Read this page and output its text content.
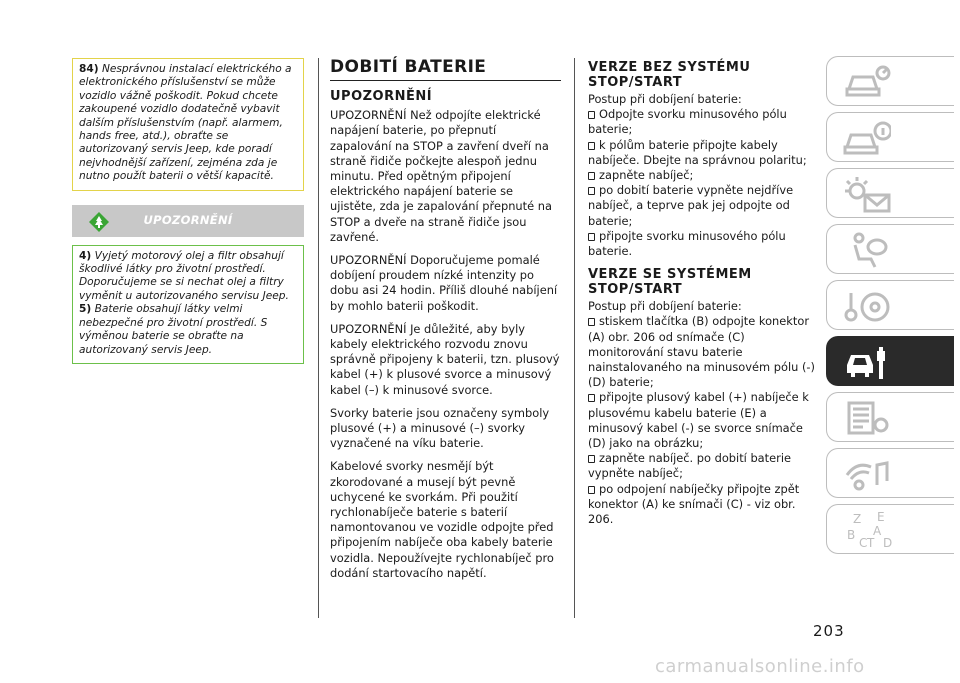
84) Nesprávnou instalací elektrického a elektronického příslušenství se může vozidlo vážně poškodit. Pokud chcete zakoupené vozidlo dodatečně vybavit dalším příslušenstvím (např. alarmem, hands free, atd.), obraťte se autorizovaný servis Jeep, kde poradí nejvhodnější zařízení, zejména zda je nutno použít baterii o větší kapacitě.
UPOZORNĚNÍ
4) Vyjetý motorový olej a filtr obsahují škodlivé látky pro životní prostředí. Doporučujeme se si nechat olej a filtry vyměnit u autorizovaného servisu Jeep.
5) Baterie obsahují látky velmi nebezpečné pro životní prostředí. S výměnou baterie se obraťte na autorizovaný servis Jeep.
DOBITÍ BATERIE
UPOZORNĚNÍ

UPOZORNĚNÍ Než odpojíte elektrické napájení baterie, po přepnutí zapalování na STOP a zavření dveří na straně řidiče počkejte alespoň jednu minutu. Před opětným připojení elektrického napájení baterie se ujistěte, zda je zapalování přepnuté na STOP a dveře na straně řidiče jsou zavřené.

UPOZORNĚNÍ Doporučujeme pomalé dobíjení proudem nízké intenzity po dobu asi 24 hodin. Příliš dlouhé nabíjení by mohlo baterii poškodit.

UPOZORNĚNÍ Je důležité, aby byly kabely elektrického rozvodu znovu správně připojeny k baterii, tzn. plusový kabel (+) k plusové svorce a minusový kabel (–) k minusové svorce.

Svorky baterie jsou označeny symboly plusové (+) a minusové (–) svorky vyznačené na víku baterie.

Kabelové svorky nesmějí být zkorodované a musejí být pevně uchycené ke svorkám. Při použití rychlonabíječe baterie s baterií namontovanou ve vozidle odpojte před připojením nabíječe oba kabely baterie vozidla. Nepoužívejte rychlonabíječ pro dodání startovacího napětí.

VERZE BEZ SYSTÉMU STOP/START
Postup při dobíjení baterie:
Odpojte svorku minusového pólu baterie;
k pólům baterie připojte kabely nabíječe. Dbejte na správnou polaritu;
zapněte nabíječ;
po dobití baterie vypněte nejdříve nabíječ, a teprve pak jej odpojte od baterie;
připojte svorku minusového pólu baterie.
VERZE SE SYSTÉMEM STOP/START
Postup při dobíjení baterie:
stiskem tlačítka (B) odpojte konektor (A) obr. 206 od snímače (C) monitorování stavu baterie nainstalovaného na minusovém pólu (-) (D) baterie;
připojte plusový kabel (+) nabíječe k plusovému kabelu baterie (E) a minusový kabel (-) se svorce snímače (D) jako na obrázku;
zapněte nabíječ. po dobití baterie vypněte nabíječ;
po odpojení nabíječky připojte zpět konektor (A) ke snímači (C) - viz obr. 206.	Z E
A
B
C T D
203
carmanualsonline.info
